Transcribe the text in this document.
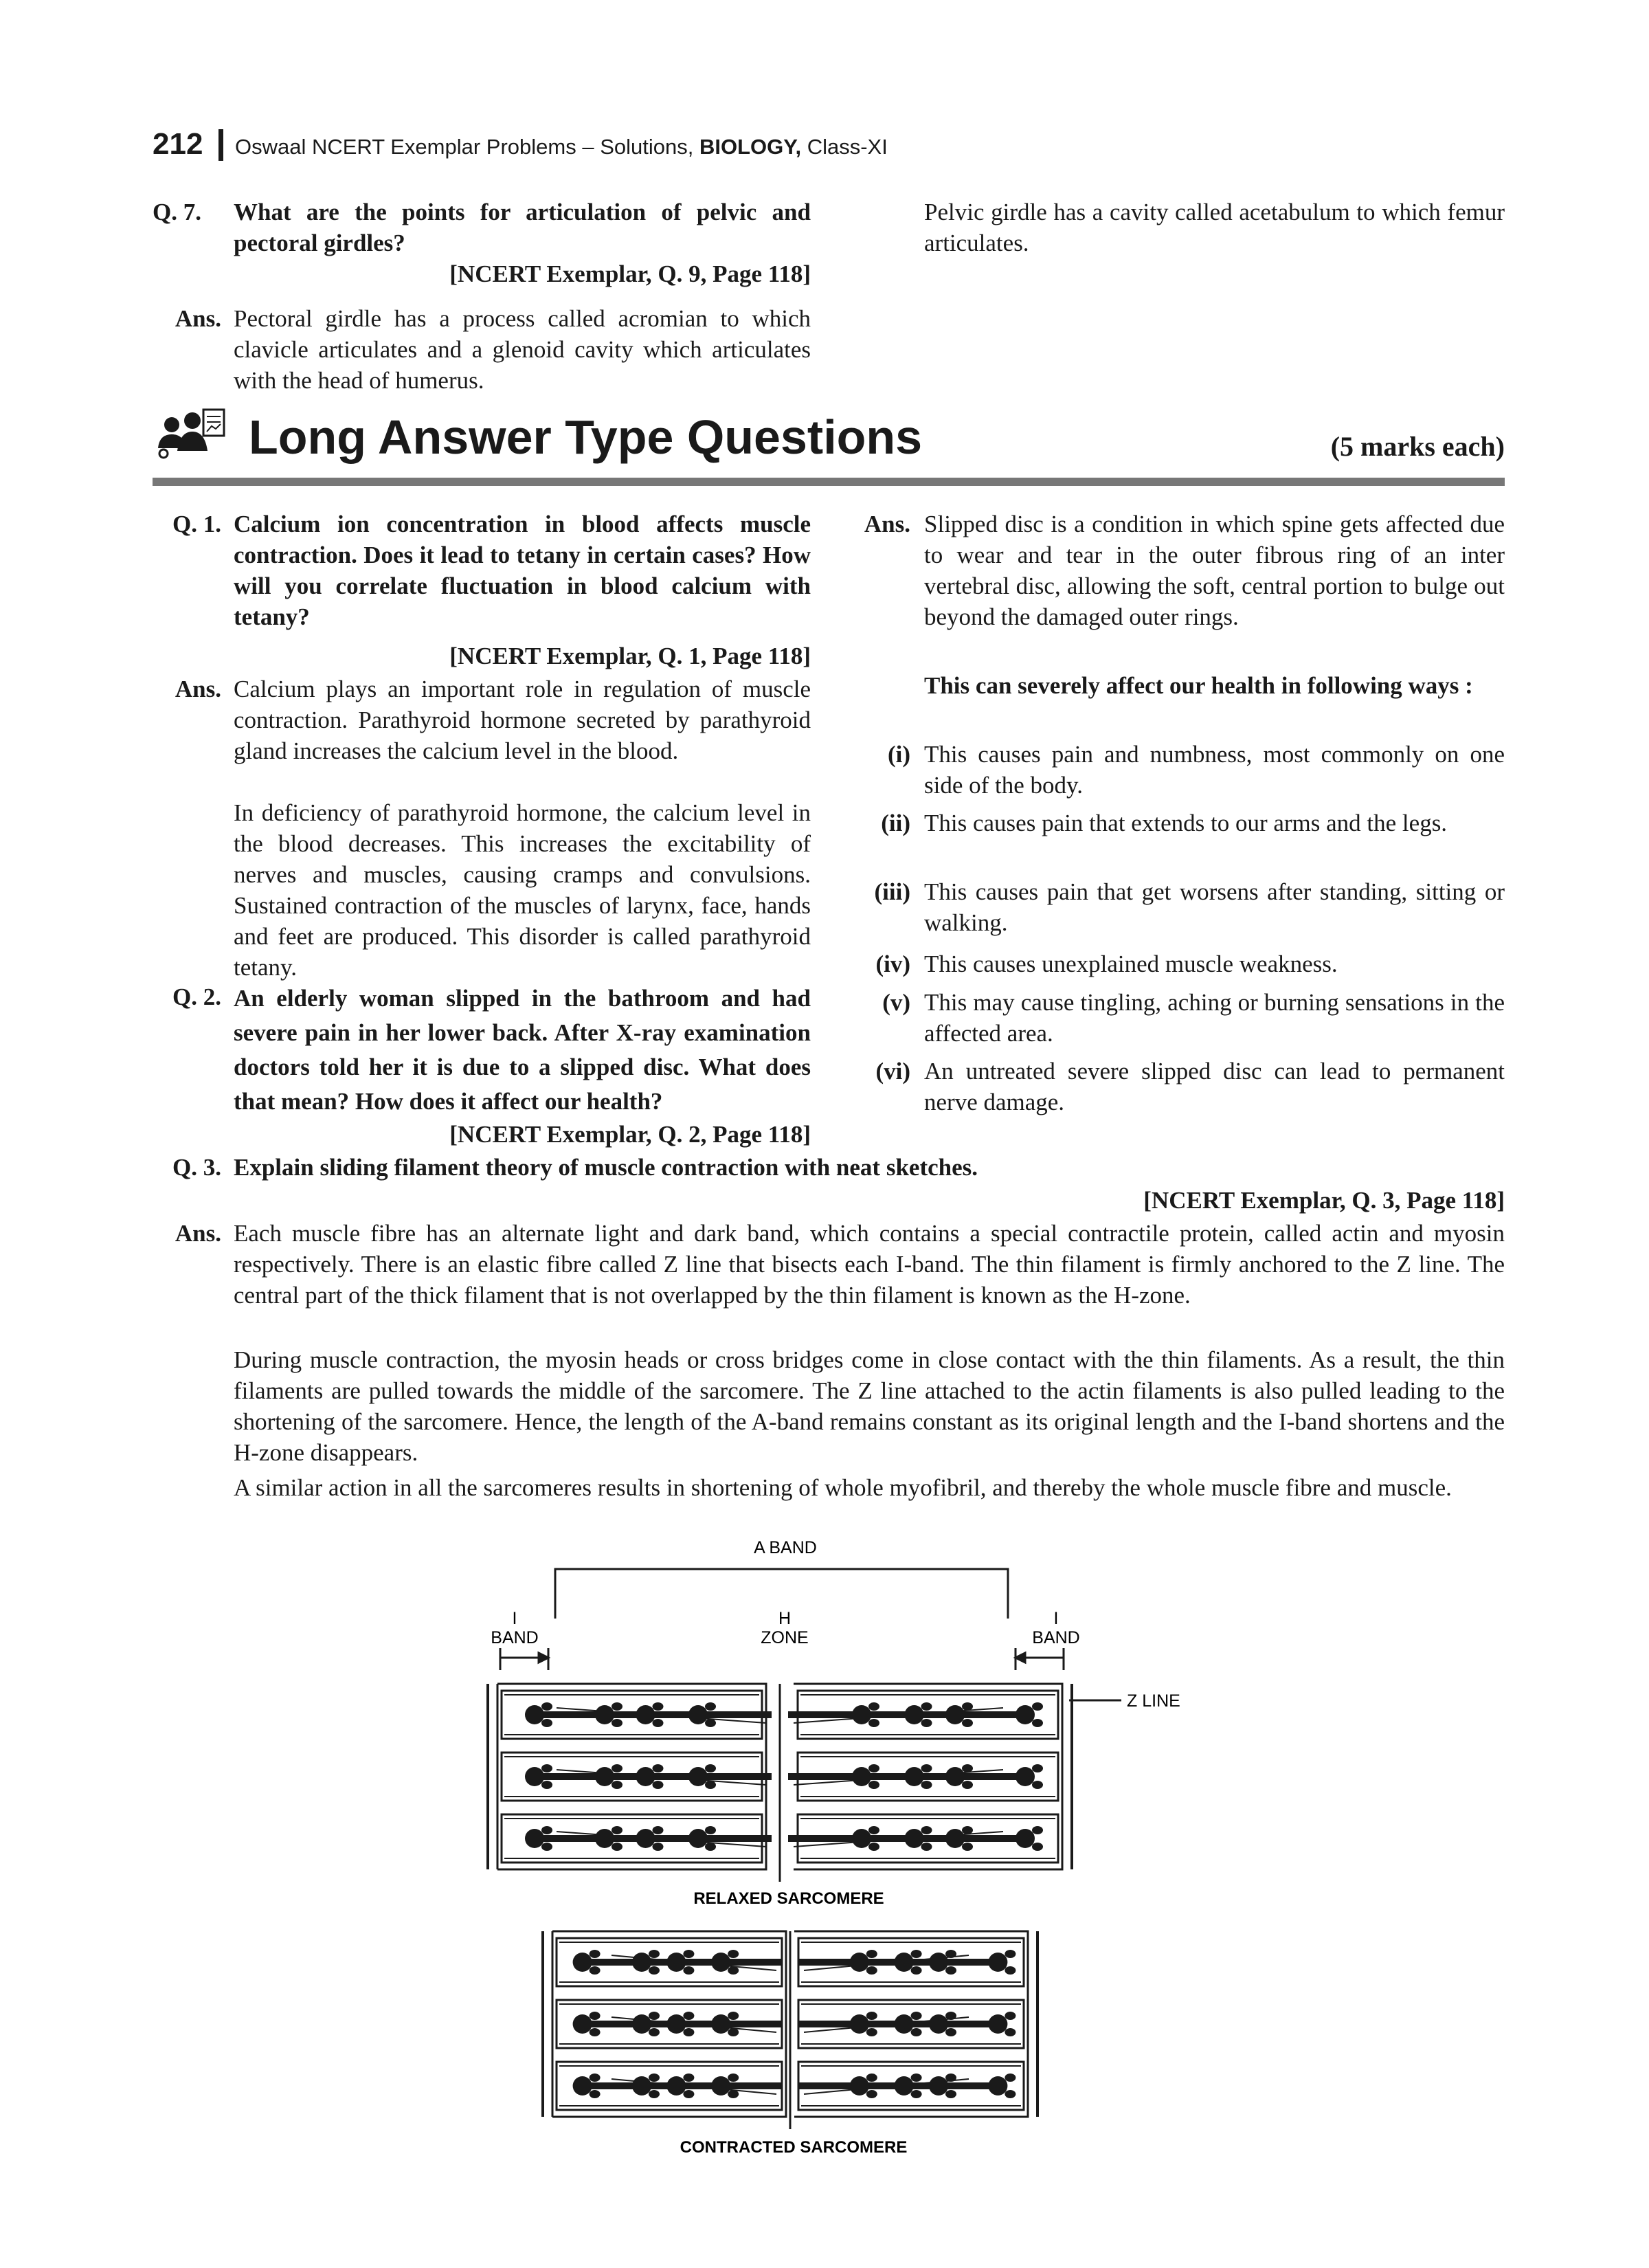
212 Oswaal NCERT Exemplar Problems – Solutions, BIOLOGY, Class-XI
Q. 7.	What are the points for articulation of pelvic and pectoral girdles?
[NCERT Exemplar, Q. 9, Page 118]
Ans. Pectoral girdle has a process called acromian to which clavicle articulates and a glenoid cavity which articulates with the head of humerus.
Pelvic girdle has a cavity called acetabulum to which femur articulates.
Long Answer Type Questions	(5 marks each)
Q. 1. Calcium ion concentration in blood affects muscle contraction. Does it lead to tetany in certain cases? How will you correlate fluctuation in blood calcium with tetany?
[NCERT Exemplar, Q. 1, Page 118]
Ans. Calcium plays an important role in regulation of muscle contraction. Parathyroid hormone secreted by parathyroid gland increases the calcium level in the blood.
In deficiency of parathyroid hormone, the calcium level in the blood decreases. This increases the excitability of nerves and muscles, causing cramps and convulsions. Sustained contraction of the muscles of larynx, face, hands and feet are produced. This disorder is called parathyroid tetany.
Q. 2. An elderly woman slipped in the bathroom and had severe pain in her lower back. After X-ray examination doctors told her it is due to a slipped disc. What does that mean? How does it affect our health?
[NCERT Exemplar, Q. 2, Page 118]
Ans. Slipped disc is a condition in which spine gets affected due to wear and tear in the outer fibrous ring of an inter vertebral disc, allowing the soft, central portion to bulge out beyond the damaged outer rings.
This can severely affect our health in following ways :
(i) This causes pain and numbness, most commonly on one side of the body.
(ii) This causes pain that extends to our arms and the legs.
(iii) This causes pain that get worsens after standing, sitting or walking.
(iv) This causes unexplained muscle weakness.
(v) This may cause tingling, aching or burning sensations in the affected area.
(vi) An untreated severe slipped disc can lead to permanent nerve damage.
Q. 3. Explain sliding filament theory of muscle contraction with neat sketches.
[NCERT Exemplar, Q. 3, Page 118]
Ans. Each muscle fibre has an alternate light and dark band, which contains a special contractile protein, called actin and myosin respectively. There is an elastic fibre called Z line that bisects each I-band. The thin filament is firmly anchored to the Z line. The central part of the thick filament that is not overlapped by the thin filament is known as the H-zone.
During muscle contraction, the myosin heads or cross bridges come in close contact with the thin filaments. As a result, the thin filaments are pulled towards the middle of the sarcomere. The Z line attached to the actin filaments is also pulled leading to the shortening of the sarcomere. Hence, the length of the A-band remains constant as its original length and the I-band shortens and the H-zone disappears.
A similar action in all the sarcomeres results in shortening of whole myofibril, and thereby the whole muscle fibre and muscle.
A BAND
I
BAND
H
ZONE
I
BAND
Z LINE
RELAXED SARCOMERE
CONTRACTED SARCOMERE
